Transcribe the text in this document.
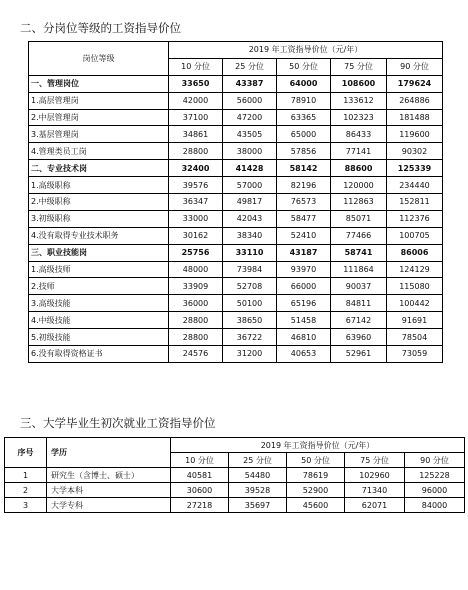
二、分岗位等级的工资指导价位
岗位等级	2019 年工资指导价位（元/年）				
	10 分位	25 分位	50 分位	75 分位	90 分位
一、管理岗位	33650	43387	64000	108600	179624
1.高层管理岗	42000	56000	78910	133612	264886
2.中层管理岗	37100	47200	63365	102323	181488
3.基层管理岗	34861	43505	65000	86433	119600
4.管理类员工岗	28800	38000	57856	77141	90302
二、专业技术岗	32400	41428	58142	88600	125339
1.高级职称	39576	57000	82196	120000	234440
2.中级职称	36347	49817	76573	112863	152811
3.初级职称	33000	42043	58477	85071	112376
4.没有取得专业技术职务	30162	38340	52410	77466	100705
三、职业技能岗	25756	33110	43187	58741	86006
1.高级技师	48000	73984	93970	111864	124129
2.技师	33909	52708	66000	90037	115080
3.高级技能	36000	50100	65196	84811	100442
4.中级技能	28800	38650	51458	67142	91691
5.初级技能	28800	36722	46810	63960	78504
6.没有取得资格证书	24576	31200	40653	52961	73059
三、大学毕业生初次就业工资指导价位
序号	学历	2019 年工资指导价位（元/年）				
		10 分位	25 分位	50 分位	75 分位	90 分位
1	研究生（含博士、硕士）	40581	54480	78619	102960	125228
2	大学本科	30600	39528	52900	71340	96000
3	大学专科	27218	35697	45600	62071	84000
